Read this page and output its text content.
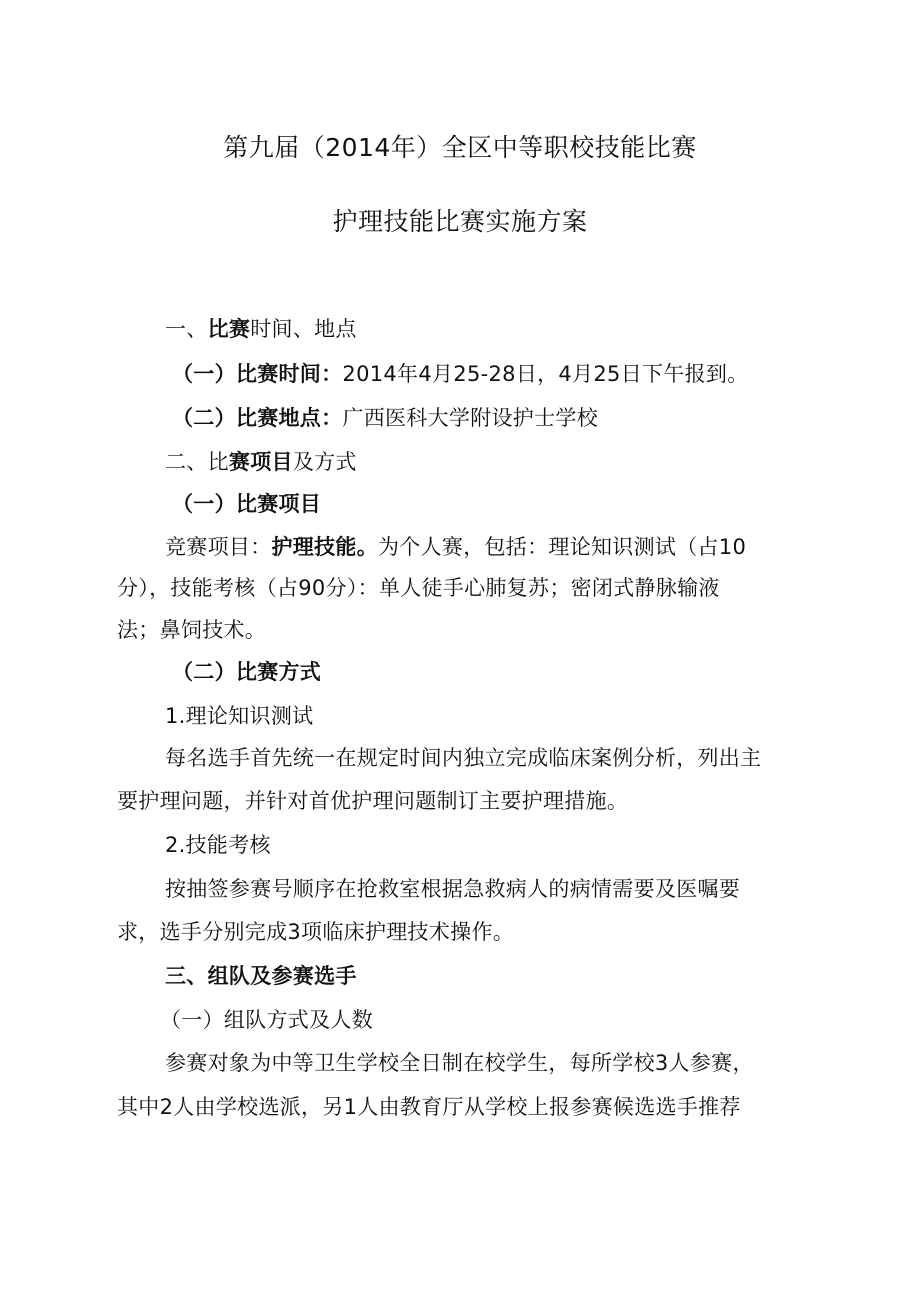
第九届（2014年）全区中等职校技能比赛
护理技能比赛实施方案
一、比赛时间、地点
（一）比赛时间：2014年4月25-28日，4月25日下午报到。
（二）比赛地点：广西医科大学附设护士学校
二、比赛项目及方式
（一）比赛项目
竞赛项目：护理技能。为个人赛，包括：理论知识测试（占10
分），技能考核（占90分）：单人徒手心肺复苏；密闭式静脉输液
法；鼻饲技术。
（二）比赛方式
1.理论知识测试
每名选手首先统一在规定时间内独立完成临床案例分析，列出主
要护理问题，并针对首优护理问题制订主要护理措施。
2.技能考核
按抽签参赛号顺序在抢救室根据急救病人的病情需要及医嘱要
求，选手分别完成3项临床护理技术操作。
三、组队及参赛选手
（一）组队方式及人数
参赛对象为中等卫生学校全日制在校学生，每所学校3人参赛，
其中2人由学校选派，另1人由教育厅从学校上报参赛候选选手推荐
